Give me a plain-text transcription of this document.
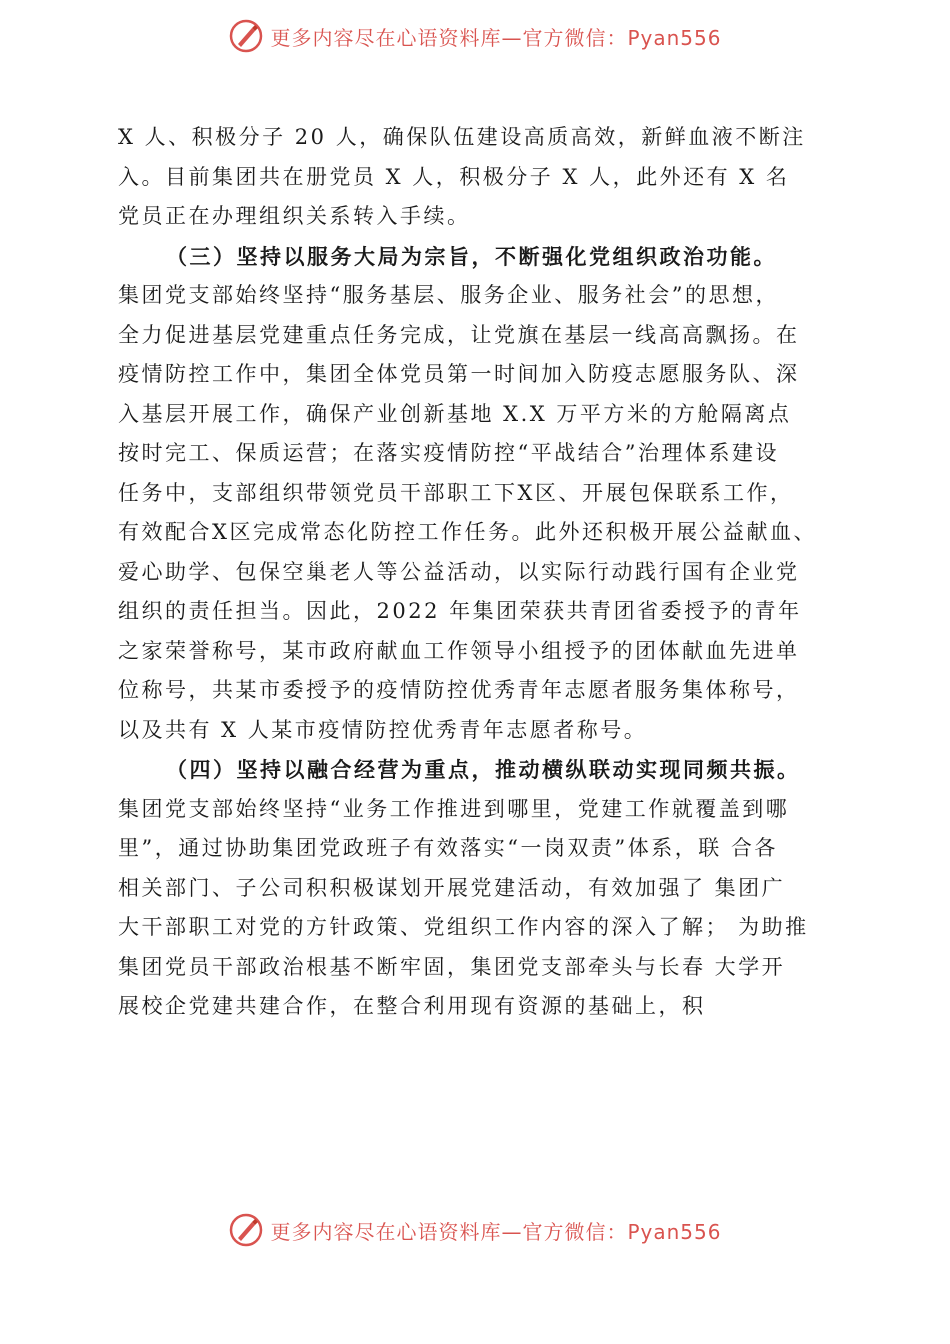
更多内容尽在心语资料库—官方微信：Pyan556
X 人、积极分子 20 人，确保队伍建设高质高效，新鲜血液不断注
入。目前集团共在册党员 X 人，积极分子 X 人，此外还有 X 名
党员正在办理组织关系转入手续。
（三）坚持以服务大局为宗旨，不断强化党组织政治功能。
集团党支部始终坚持“服务基层、服务企业、服务社会”的思想，
全力促进基层党建重点任务完成，让党旗在基层一线高高飘扬。在
疫情防控工作中，集团全体党员第一时间加入防疫志愿服务队、深
入基层开展工作，确保产业创新基地 X.X 万平方米的方舱隔离点
按时完工、保质运营；在落实疫情防控“平战结合”治理体系建设
任务中，支部组织带领党员干部职工下X区、开展包保联系工作，
有效配合X区完成常态化防控工作任务。此外还积极开展公益献血、
爱心助学、包保空巢老人等公益活动，以实际行动践行国有企业党
组织的责任担当。因此，2022 年集团荣获共青团省委授予的青年
之家荣誉称号，某市政府献血工作领导小组授予的团体献血先进单
位称号，共某市委授予的疫情防控优秀青年志愿者服务集体称号，
以及共有 X 人某市疫情防控优秀青年志愿者称号。
（四）坚持以融合经营为重点，推动横纵联动实现同频共振。
集团党支部始终坚持“业务工作推进到哪里，党建工作就覆盖到哪
里”，通过协助集团党政班子有效落实“一岗双责”体系，联 合各
相关部门、子公司积积极谋划开展党建活动，有效加强了 集团广
大干部职工对党的方针政策、党组织工作内容的深入了解； 为助推
集团党员干部政治根基不断牢固，集团党支部牵头与长春 大学开
展校企党建共建合作，在整合利用现有资源的基础上，积
更多内容尽在心语资料库—官方微信：Pyan556
